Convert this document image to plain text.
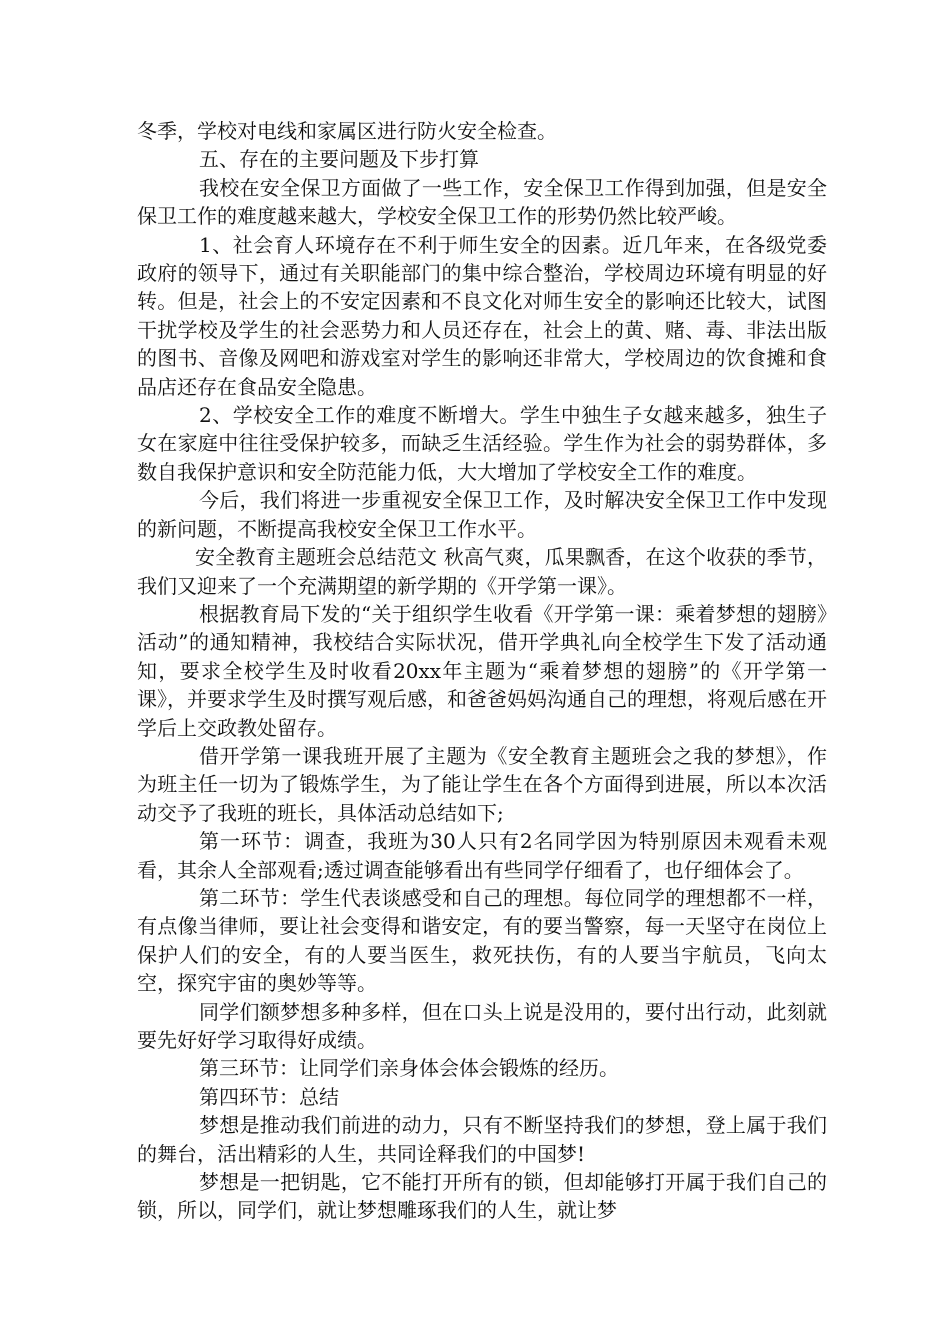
冬季，学校对电线和家属区进行防火安全检查。

五、存在的主要问题及下步打算

我校在安全保卫方面做了一些工作，安全保卫工作得到加强，但是安全保卫工作的难度越来越大，学校安全保卫工作的形势仍然比较严峻。

1、社会育人环境存在不利于师生安全的因素。近几年来，在各级党委政府的领导下，通过有关职能部门的集中综合整治，学校周边环境有明显的好转。但是，社会上的不安定因素和不良文化对师生安全的影响还比较大，试图干扰学校及学生的社会恶势力和人员还存在，社会上的黄、赌、毒、非法出版的图书、音像及网吧和游戏室对学生的影响还非常大，学校周边的饮食摊和食品店还存在食品安全隐患。

2、学校安全工作的难度不断增大。学生中独生子女越来越多，独生子女在家庭中往往受保护较多，而缺乏生活经验。学生作为社会的弱势群体，多数自我保护意识和安全防范能力低，大大增加了学校安全工作的难度。

今后，我们将进一步重视安全保卫工作，及时解决安全保卫工作中发现的新问题，不断提高我校安全保卫工作水平。

安全教育主题班会总结范文 秋高气爽，瓜果飘香，在这个收获的季节，我们又迎来了一个充满期望的新学期的《开学第一课》。

根据教育局下发的“关于组织学生收看《开学第一课：乘着梦想的翅膀》活动”的通知精神，我校结合实际状况，借开学典礼向全校学生下发了活动通知，要求全校学生及时收看20xx年主题为“乘着梦想的翅膀”的《开学第一课》，并要求学生及时撰写观后感，和爸爸妈妈沟通自己的理想，将观后感在开学后上交政教处留存。

借开学第一课我班开展了主题为《安全教育主题班会之我的梦想》，作为班主任一切为了锻炼学生，为了能让学生在各个方面得到进展，所以本次活动交予了我班的班长，具体活动总结如下;

第一环节：调查，我班为30人只有2名同学因为特别原因未观看未观看，其余人全部观看;透过调查能够看出有些同学仔细看了，也仔细体会了。

第二环节：学生代表谈感受和自己的理想。每位同学的理想都不一样，有点像当律师，要让社会变得和谐安定，有的要当警察，每一天坚守在岗位上保护人们的安全，有的人要当医生，救死扶伤，有的人要当宇航员，飞向太空，探究宇宙的奥妙等等。

同学们额梦想多种多样，但在口头上说是没用的，要付出行动，此刻就要先好好学习取得好成绩。

第三环节：让同学们亲身体会体会锻炼的经历。

第四环节：总结

梦想是推动我们前进的动力，只有不断坚持我们的梦想，登上属于我们的舞台，活出精彩的人生，共同诠释我们的中国梦!

梦想是一把钥匙，它不能打开所有的锁，但却能够打开属于我们自己的锁，所以，同学们，就让梦想雕琢我们的人生，就让梦
